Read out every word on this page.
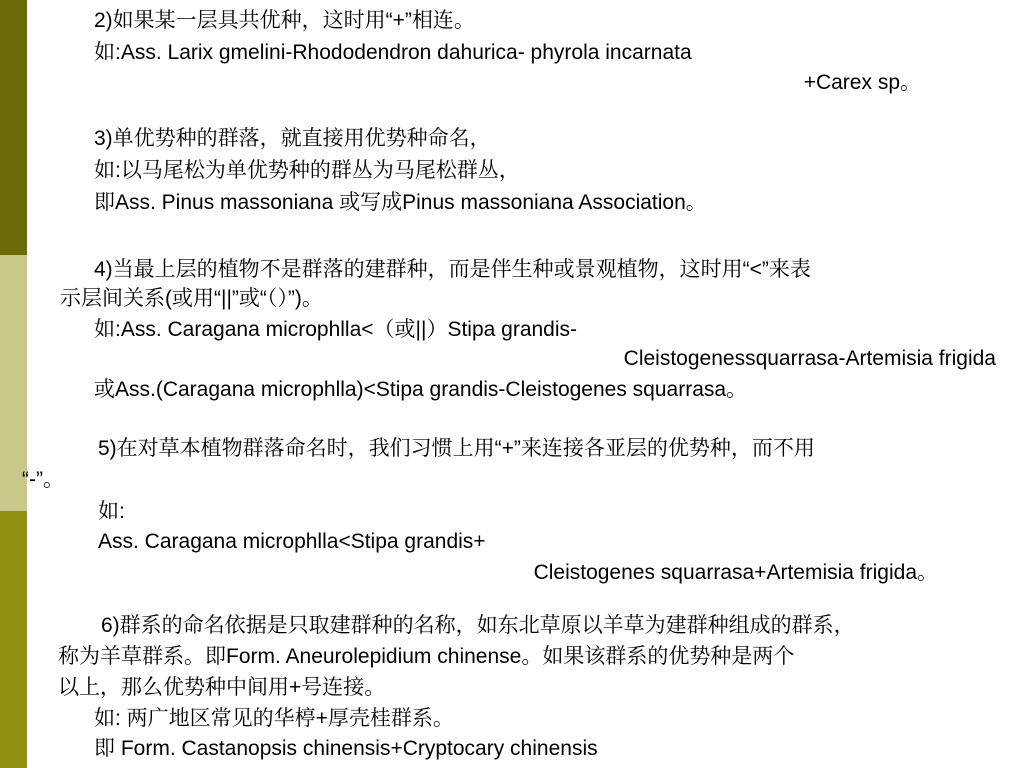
2)如果某一层具共优种，这时用“+”相连。
如:Ass. Larix gmelini-Rhododendron dahurica- phyrola incarnata
+Carex sp。
3)单优势种的群落，就直接用优势种命名，
如:以马尾松为单优势种的群丛为马尾松群丛，
即Ass. Pinus massoniana 或写成Pinus massoniana Association。
4)当最上层的植物不是群落的建群种，而是伴生种或景观植物，这时用“<”来表
示层间关系(或用“||”或“（）”)。
如:Ass. Caragana microphlla<（或||）Stipa grandis-
Cleistogenessquarrasa-Artemisia frigida
或Ass.(Caragana microphlla)<Stipa grandis-Cleistogenes squarrasa。
5)在对草本植物群落命名时，我们习惯上用“+”来连接各亚层的优势种，而不用
“-”。
如:
Ass. Caragana microphlla<Stipa grandis+
Cleistogenes squarrasa+Artemisia frigida。
6)群系的命名依据是只取建群种的名称，如东北草原以羊草为建群种组成的群系，
称为羊草群系。即Form. Aneurolepidium chinense。如果该群系的优势种是两个
以上，那么优势种中间用+号连接。
如: 两广地区常见的华楟+厚壳桂群系。
即 Form. Castanopsis chinensis+Cryptocary chinensis
